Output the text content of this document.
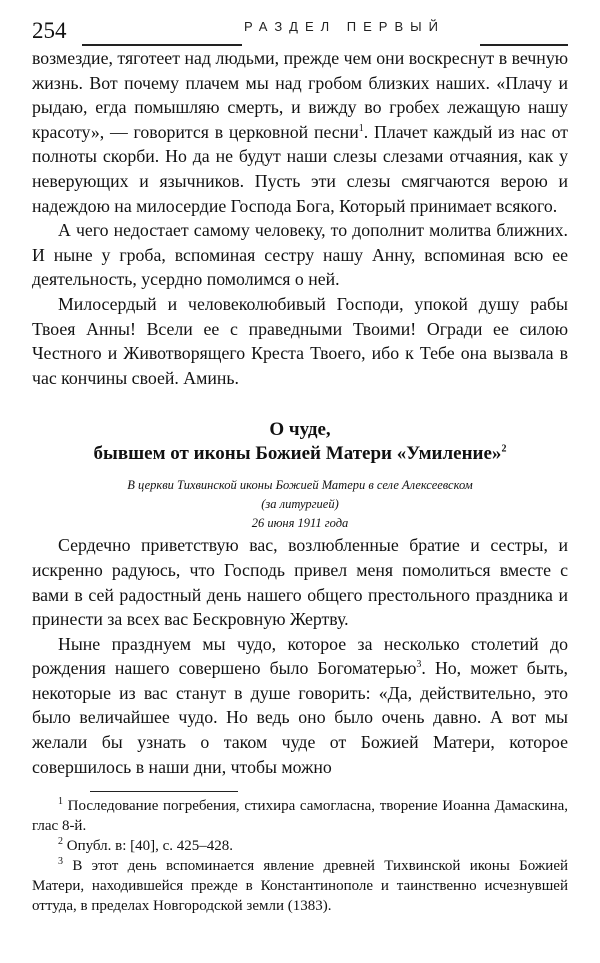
254	РАЗДЕЛ ПЕРВЫЙ

возмездие, тяготеет над людьми, прежде чем они воскреснут в вечную жизнь. Вот почему плачем мы над гробом близких наших. «Плачу и рыдаю, егда помышляю смерть, и вижду во гробех лежащую нашу красоту», — говорится в церковной песни$^1$. Плачет каждый из нас от полноты скорби. Но да не будут наши слезы слезами отчаяния, как у неверующих и язычников. Пусть эти слезы смягчаются верою и надеждою на милосердие Господа Бога, Который принимает всякого.

А чего недостает самому человеку, то дополнит молитва ближних. И ныне у гроба, вспоминая сестру нашу Анну, вспоминая всю ее деятельность, усердно помолимся о ней.

Милосердый и человеколюбивый Господи, упокой душу рабы Твоея Анны! Всели ее с праведными Твоими! Огради ее силою Честного и Животворящего Креста Твоего, ибо к Тебе она вызвала в час кончины своей. Аминь.

О чуде,
бывшем от иконы Божией Матери «Умиление»$^2$
В церкви Тихвинской иконы Божией Матери в селе Алексеевском
(за литургией)
26 июня 1911 года

Сердечно приветствую вас, возлюбленные братие и сестры, и искренно радуюсь, что Господь привел меня помолиться вместе с вами в сей радостный день нашего общего престольного праздника и принести за всех вас Бескровную Жертву.

Ныне празднуем мы чудо, которое за несколько столетий до рождения нашего совершено было Богоматерью$^3$. Но, может быть, некоторые из вас станут в душе говорить: «Да, действительно, это было величайшее чудо. Но ведь оно было очень давно. А вот мы желали бы узнать о таком чуде от Божией Матери, которое совершилось в наши дни, чтобы можно

$^1$ Последование погребения, стихира самогласна, творение Иоанна Дамаскина, глас 8-й.

$^2$ Опубл. в: [40], с. 425–428.

$^3$ В этот день вспоминается явление древней Тихвинской иконы Божией Матери, находившейся прежде в Константинополе и таинственно исчезнувшей оттуда, в пределах Новгородской земли (1383).
